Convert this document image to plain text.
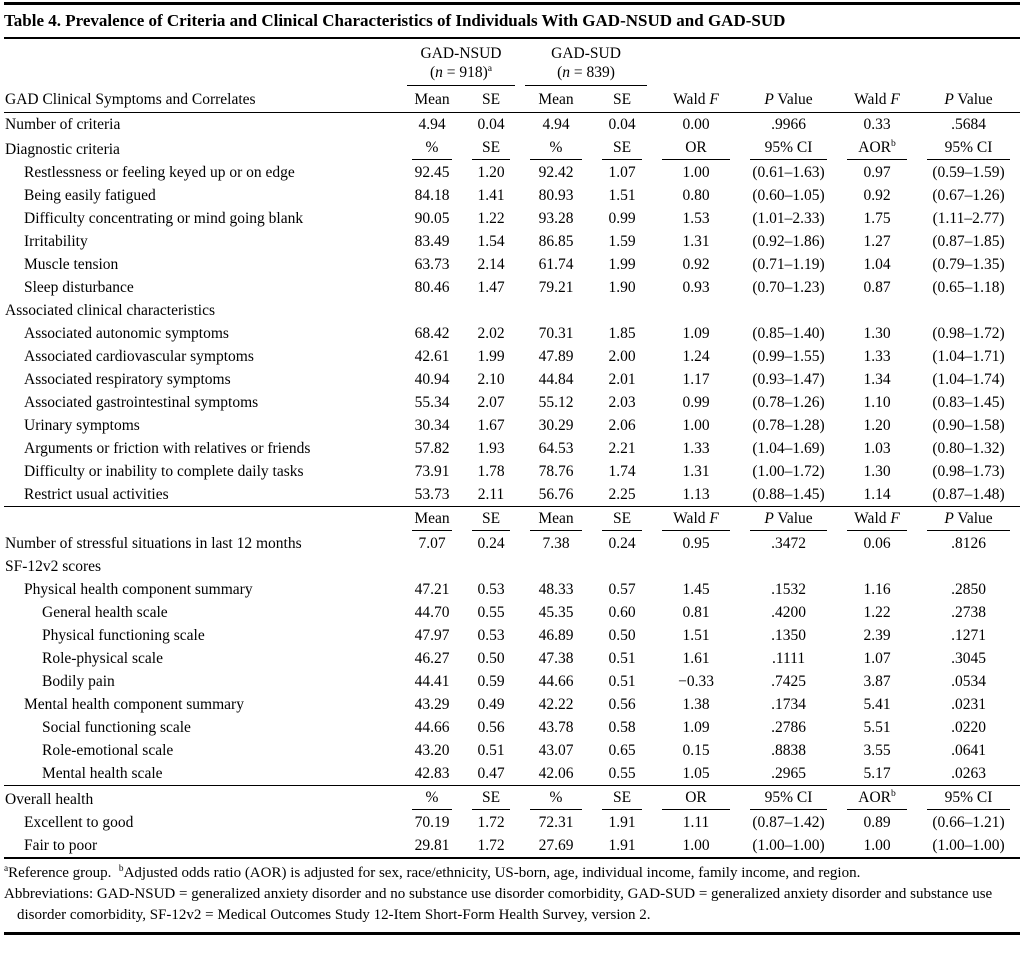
Table 4. Prevalence of Criteria and Clinical Characteristics of Individuals With GAD-NSUD and GAD-SUD

GAD-NSUD
(n = 918)$^a$

GAD-SUD
(n = 839)

GAD Clinical Symptoms and Correlates	Mean	SE	Mean	SE	Wald F	P Value	Wald F	P Value
Number of criteria	4.94	0.04	4.94	0.04	0.00	.9966	0.33	.5684
Diagnostic criteria	%	SE	%	SE	OR	95% CI	AOR$^b$	95% CI

Restlessness or feeling keyed up or on edge	92.45	1.20	92.42	1.07	1.00	(0.61–1.63)	0.97	(0.59–1.59)
Being easily fatigued	84.18	1.41	80.93	1.51	0.80	(0.60–1.05)	0.92	(0.67–1.26)
Difficulty concentrating or mind going blank	90.05	1.22	93.28	0.99	1.53	(1.01–2.33)	1.75	(1.11–2.77)
Irritability	83.49	1.54	86.85	1.59	1.31	(0.92–1.86)	1.27	(0.87–1.85)
Muscle tension	63.73	2.14	61.74	1.99	0.92	(0.71–1.19)	1.04	(0.79–1.35)
Sleep disturbance	80.46	1.47	79.21	1.90	0.93	(0.70–1.23)	0.87	(0.65–1.18)
Associated clinical characteristics								
Associated autonomic symptoms	68.42	2.02	70.31	1.85	1.09	(0.85–1.40)	1.30	(0.98–1.72)
Associated cardiovascular symptoms	42.61	1.99	47.89	2.00	1.24	(0.99–1.55)	1.33	(1.04–1.71)
Associated respiratory symptoms	40.94	2.10	44.84	2.01	1.17	(0.93–1.47)	1.34	(1.04–1.74)
Associated gastrointestinal symptoms	55.34	2.07	55.12	2.03	0.99	(0.78–1.26)	1.10	(0.83–1.45)
Urinary symptoms	30.34	1.67	30.29	2.06	1.00	(0.78–1.28)	1.20	(0.90–1.58)
Arguments or friction with relatives or friends	57.82	1.93	64.53	2.21	1.33	(1.04–1.69)	1.03	(0.80–1.32)
Difficulty or inability to complete daily tasks	73.91	1.78	78.76	1.74	1.31	(1.00–1.72)	1.30	(0.98–1.73)
Restrict usual activities	53.73	2.11	56.76	2.25	1.13	(0.88–1.45)	1.14	(0.87–1.48)

	Mean	SE	Mean	SE	Wald F	P Value	Wald F	P Value

Number of stressful situations in last 12 months	7.07	0.24	7.38	0.24	0.95	.3472	0.06	.8126
SF-12v2 scores								
Physical health component summary	47.21	0.53	48.33	0.57	1.45	.1532	1.16	.2850
General health scale	44.70	0.55	45.35	0.60	0.81	.4200	1.22	.2738
Physical functioning scale	47.97	0.53	46.89	0.50	1.51	.1350	2.39	.1271
Role-physical scale	46.27	0.50	47.38	0.51	1.61	.1111	1.07	.3045
Bodily pain	44.41	0.59	44.66	0.51	−0.33	.7425	3.87	.0534
Mental health component summary	43.29	0.49	42.22	0.56	1.38	.1734	5.41	.0231
Social functioning scale	44.66	0.56	43.78	0.58	1.09	.2786	5.51	.0220
Role-emotional scale	43.20	0.51	43.07	0.65	0.15	.8838	3.55	.0641
Mental health scale	42.83	0.47	42.06	0.55	1.05	.2965	5.17	.0263
Overall health	%	SE	%	SE	OR	95% CI	AOR$^b$	95% CI

Excellent to good	70.19	1.72	72.31	1.91	1.11	(0.87–1.42)	0.89	(0.66–1.21)
Fair to poor	29.81	1.72	27.69	1.91	1.00	(1.00–1.00)	1.00	(1.00–1.00)

$^a$Reference group. $^b$Adjusted odds ratio (AOR) is adjusted for sex, race/ethnicity, US-born, age, individual income, family income, and region.

Abbreviations: GAD-NSUD = generalized anxiety disorder and no substance use disorder comorbidity, GAD-SUD = generalized anxiety disorder and substance use disorder comorbidity, SF-12v2 = Medical Outcomes Study 12-Item Short-Form Health Survey, version 2.
